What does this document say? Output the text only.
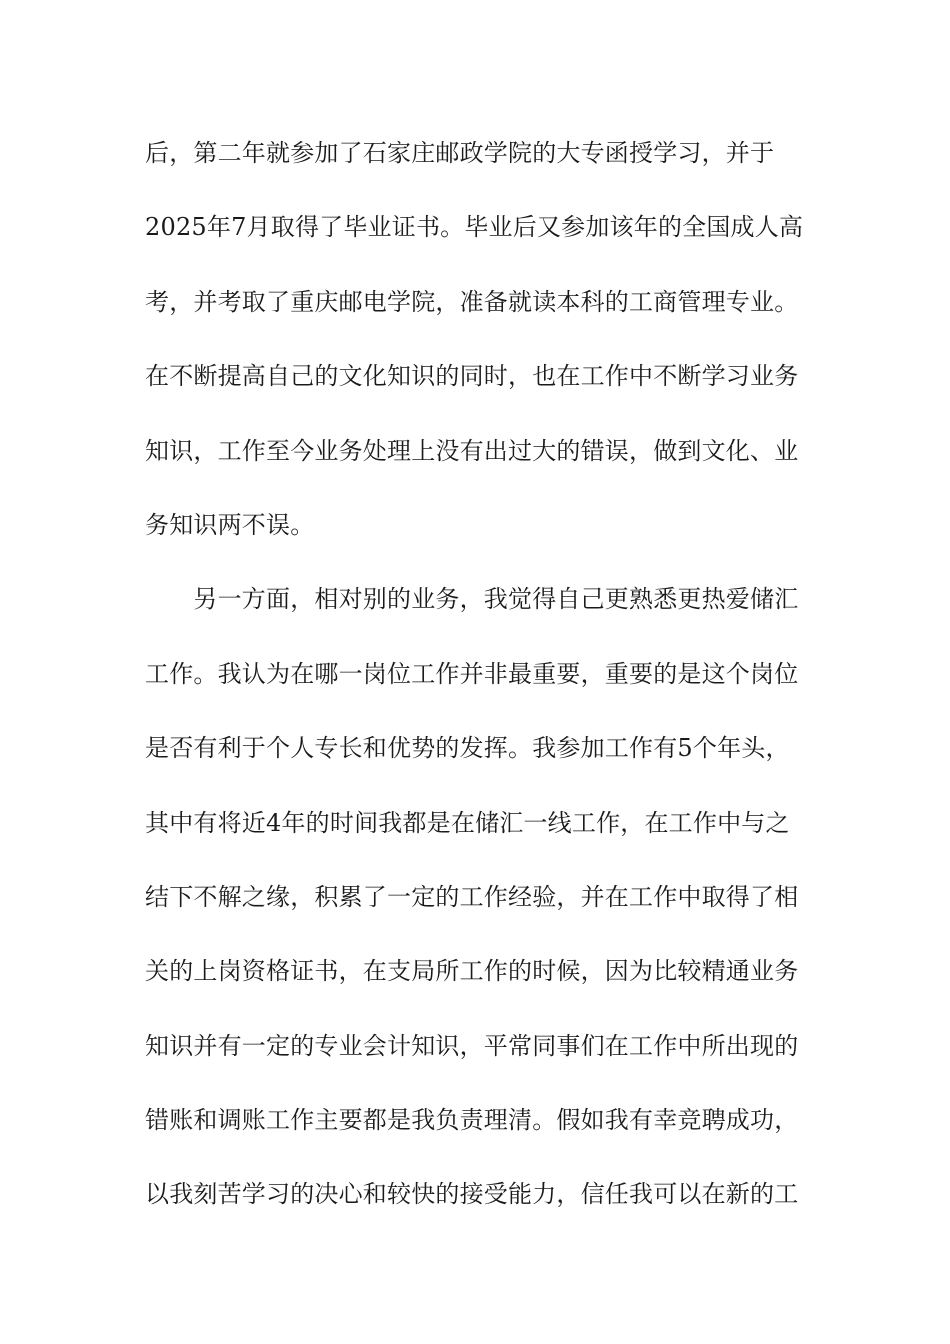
后，第二年就参加了石家庄邮政学院的大专函授学习，并于
2025年7月取得了毕业证书。毕业后又参加该年的全国成人高
考，并考取了重庆邮电学院，准备就读本科的工商管理专业。
在不断提高自己的文化知识的同时，也在工作中不断学习业务
知识，工作至今业务处理上没有出过大的错误，做到文化、业
务知识两不误。
　　另一方面，相对别的业务，我觉得自己更熟悉更热爱储汇
工作。我认为在哪一岗位工作并非最重要，重要的是这个岗位
是否有利于个人专长和优势的发挥。我参加工作有5个年头，
其中有将近4年的时间我都是在储汇一线工作，在工作中与之
结下不解之缘，积累了一定的工作经验，并在工作中取得了相
关的上岗资格证书，在支局所工作的时候，因为比较精通业务
知识并有一定的专业会计知识，平常同事们在工作中所出现的
错账和调账工作主要都是我负责理清。假如我有幸竞聘成功，
以我刻苦学习的决心和较快的接受能力，信任我可以在新的工
